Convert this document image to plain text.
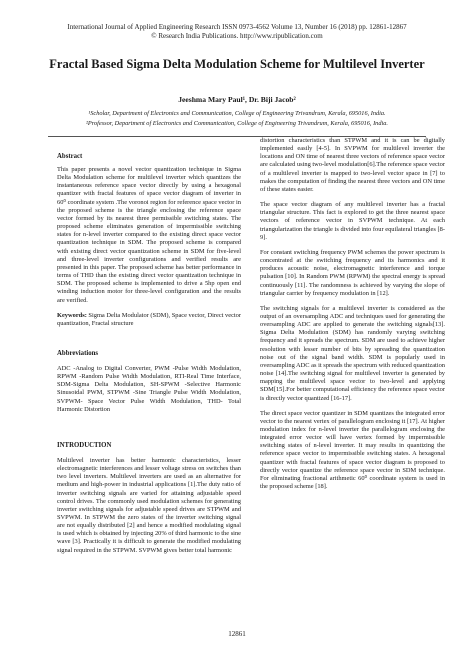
International Journal of Applied Engineering Research ISSN 0973-4562 Volume 13, Number 16 (2018) pp. 12861-12867
© Research India Publications. http://www.ripublication.com
Fractal Based Sigma Delta Modulation Scheme for Multilevel Inverter
Jeeshma Mary Paul¹, Dr. Biji Jacob²
¹Scholar, Department of Electronics and Communication, College of Engineering Trivandrum, Kerala, 695016, India.
²Professor, Department of Electronics and Communication, College of Engineering Trivandrum, Kerala, 695016, India.
Abstract

This paper presents a novel vector quantization technique in Sigma Delta Modulation scheme for multilevel inverter which quantizes the instantaneous reference space vector directly by using a hexagonal quantizer with fractal features of space vector diagram of inverter in 60⁰ coordinate system .The voronoi region for reference space vector in the proposed scheme is the triangle enclosing the reference space vector formed by its nearest three permissible switching states. The proposed scheme eliminates generation of impermissible switching states for n-level inverter compared to the existing direct space vector quantization technique in SDM. The proposed scheme is compared with existing direct vector quantization scheme in SDM for five-level and three-level inverter configurations and verified results are presented in this paper. The proposed scheme has better performance in terms of THD than the existing direct vector quantization technique in SDM. The proposed scheme is implemented to drive a 5hp open end winding induction motor for three-level configuration and the results are verified.

Keywords: Sigma Delta Modulator (SDM), Space vector, Direct vector quantization, Fractal structure

Abbreviations

ADC -Analog to Digital Converter, PWM -Pulse Width Modulation, RPWM -Random Pulse Width Modulation, RTI-Real Time Interface, SDM-Sigma Delta Modulation, SH-SPWM -Selective Harmonic Sinusoidal PWM, STPWM -Sine Triangle Pulse Width Modulation, SVPWM- Space Vector Pulse Width Modulation, THD- Total Harmonic Distortion

INTRODUCTION

Multilevel inverter has better harmonic characteristics, lesser electromagnetic interferences and lesser voltage stress on switches than two level inverters. Multilevel inverters are used as an alternative for medium and high-power in industrial applications [1].The duty ratio of inverter switching signals are varied for attaining adjustable speed control drives. The commonly used modulation schemes for generating inverter switching signals for adjustable speed drives are STPWM and SVPWM. In STPWM the zero states of the inverter switching signal are not equally distributed [2] and hence a modified modulating signal is used which is obtained by injecting 20% of third harmonic to the sine wave [3]. Practically it is difficult to generate the modified modulating signal required in the STPWM. SVPWM gives better total harmonic

distortion characteristics than STPWM and it is can be digitally implemented easily [4-5]. In SVPWM for multilevel inverter the locations and ON time of nearest three vectors of reference space vector are calculated using two-level modulation[6].The reference space vector of a multilevel inverter is mapped to two-level vector space in [7] to makes the computation of finding the nearest three vectors and ON time of these states easier.

The space vector diagram of any multilevel inverter has a fractal triangular structure. This fact is explored to get the three nearest space vectors of reference vector in SVPWM technique. At each triangularization the triangle is divided into four equilateral triangles [8-9].

For constant switching frequency PWM schemes the power spectrum is concentrated at the switching frequency and its harmonics and it produces acoustic noise, electromagnetic interference and torque pulsation [10]. In Random PWM (RPWM) the spectral energy is spread continuously [11]. The randomness is achieved by varying the slope of triangular carrier by frequency modulation in [12].

The switching signals for a multilevel inverter is considered as the output of an oversampling ADC and techniques used for generating the oversampling ADC are applied to generate the switching signals[13]. Sigma Delta Modulation (SDM) has randomly varying switching frequency and it spreads the spectrum. SDM are used to achieve higher resolution with lesser number of bits by spreading the quantization noise out of the signal band width. SDM is popularly used in oversampling ADC as it spreads the spectrum with reduced quantization noise [14].The switching signal for multilevel inverter is generated by mapping the multilevel space vector to two-level and applying SDM[15].For better computational efficiency the reference space vector is directly vector quantized [16-17].

The direct space vector quantizer in SDM quantizes the integrated error vector to the nearest vertex of parallelogram enclosing it [17]. At higher modulation index for n-level inverter the parallelogram enclosing the integrated error vector will have vertex formed by impermissible switching states of n-level inverter. It may results in quantizing the reference space vector to impermissible switching states. A hexagonal quantizer with fractal features of space vector diagram is proposed to directly vector quantize the reference space vector in SDM technique. For eliminating fractional arithmetic 60⁰ coordinate system is used in the proposed scheme [18].

12861
